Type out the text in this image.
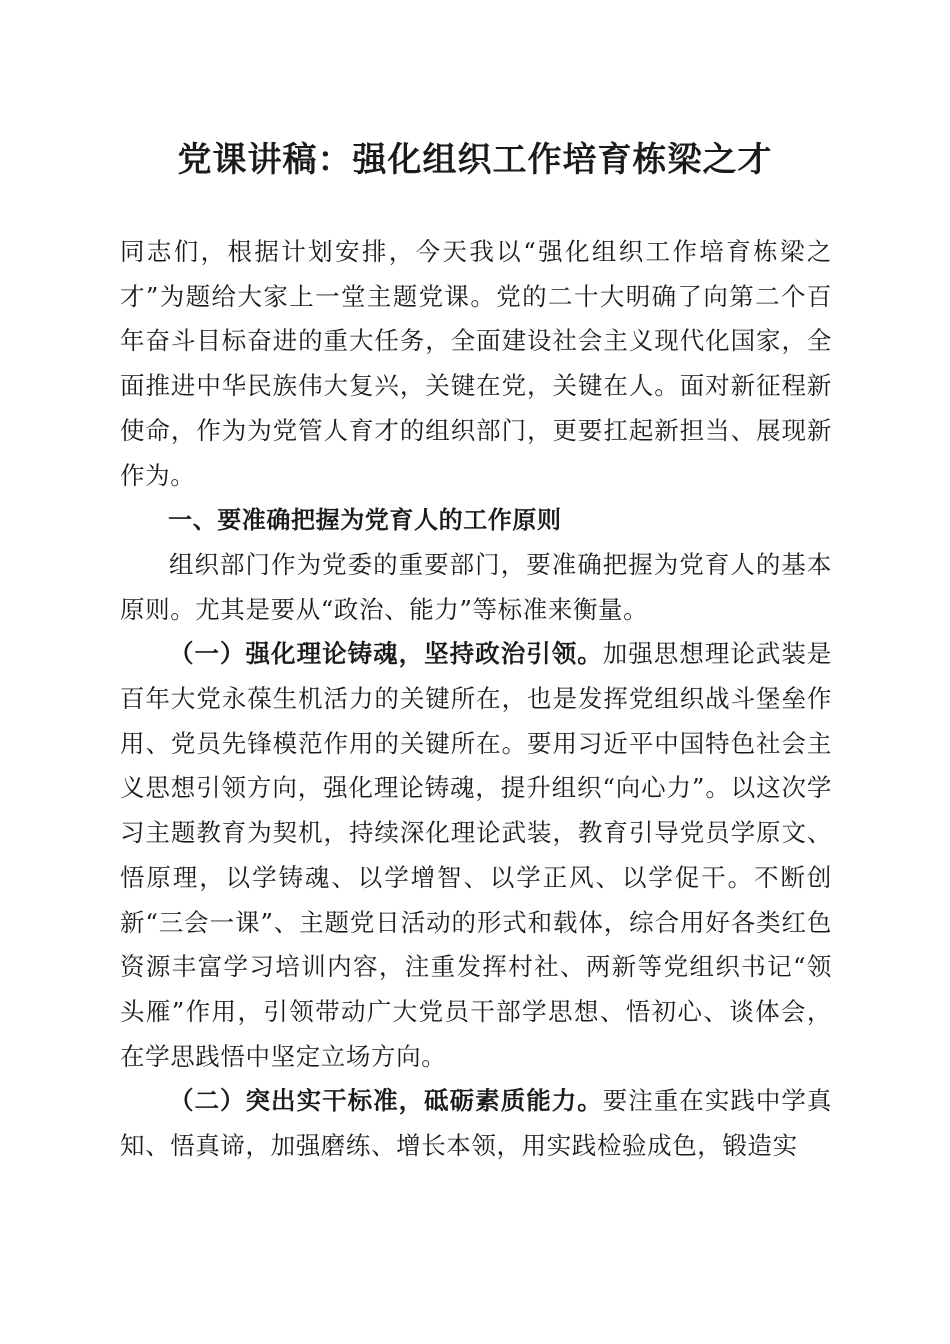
党课讲稿：强化组织工作培育栋梁之才

同志们，根据计划安排，今天我以“强化组织工作培育栋梁之才”为题给大家上一堂主题党课。党的二十大明确了向第二个百年奋斗目标奋进的重大任务，全面建设社会主义现代化国家，全面推进中华民族伟大复兴，关键在党，关键在人。面对新征程新使命，作为为党管人育才的组织部门，更要扛起新担当、展现新作为。

一、要准确把握为党育人的工作原则

组织部门作为党委的重要部门，要准确把握为党育人的基本原则。尤其是要从“政治、能力”等标准来衡量。

（一）强化理论铸魂，坚持政治引领。加强思想理论武装是百年大党永葆生机活力的关键所在，也是发挥党组织战斗堡垒作用、党员先锋模范作用的关键所在。要用习近平中国特色社会主义思想引领方向，强化理论铸魂，提升组织“向心力”。以这次学习主题教育为契机，持续深化理论武装，教育引导党员学原文、悟原理，以学铸魂、以学增智、以学正风、以学促干。不断创新“三会一课”、主题党日活动的形式和载体，综合用好各类红色资源丰富学习培训内容，注重发挥村社、两新等党组织书记“领头雁”作用，引领带动广大党员干部学思想、悟初心、谈体会，在学思践悟中坚定立场方向。

（二）突出实干标准，砥砺素质能力。要注重在实践中学真知、悟真谛，加强磨练、增长本领，用实践检验成色，锻造实
